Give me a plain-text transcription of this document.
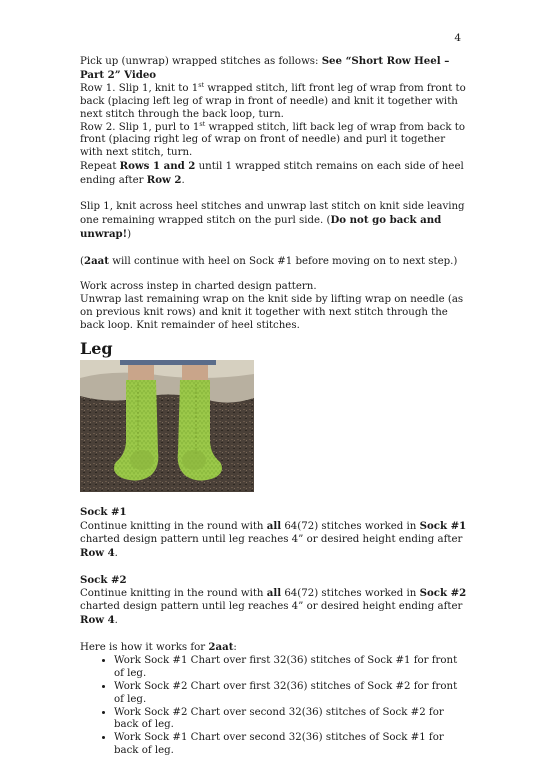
4

Pick up (unwrap) wrapped stitches as follows: See “Short Row Heel – Part 2” Video

Row 1. Slip 1, knit to 1st wrapped stitch, lift front leg of wrap from front to back (placing left leg of wrap in front of needle) and knit it together with next stitch through the back loop, turn.

Row 2. Slip 1, purl to 1st wrapped stitch, lift back leg of wrap from back to front (placing right leg of wrap on front of needle) and purl it together with next stitch, turn.

Repeat Rows 1 and 2 until 1 wrapped stitch remains on each side of heel ending after Row 2.

Slip 1, knit across heel stitches and unwrap last stitch on knit side leaving one remaining wrapped stitch on the purl side. (Do not go back and unwrap!)

(2aat will continue with heel on Sock #1 before moving on to next step.)

Work across instep in charted design pattern.

Unwrap last remaining wrap on the knit side by lifting wrap on needle (as on previous knit rows) and knit it together with next stitch through the back loop. Knit remainder of heel stitches.

Leg

Sock #1

Continue knitting in the round with all 64(72) stitches worked in Sock #1 charted design pattern until leg reaches 4” or desired height ending after Row 4.

Sock #2

Continue knitting in the round with all 64(72) stitches worked in Sock #2 charted design pattern until leg reaches 4” or desired height ending after Row 4.

Here is how it works for 2aat:

• Work Sock #1 Chart over first 32(36) stitches of Sock #1 for front of leg.
• Work Sock #2 Chart over first 32(36) stitches of Sock #2 for front of leg.
• Work Sock #2 Chart over second 32(36) stitches of Sock #2 for back of leg.
• Work Sock #1 Chart over second 32(36) stitches of Sock #1 for back of leg.
